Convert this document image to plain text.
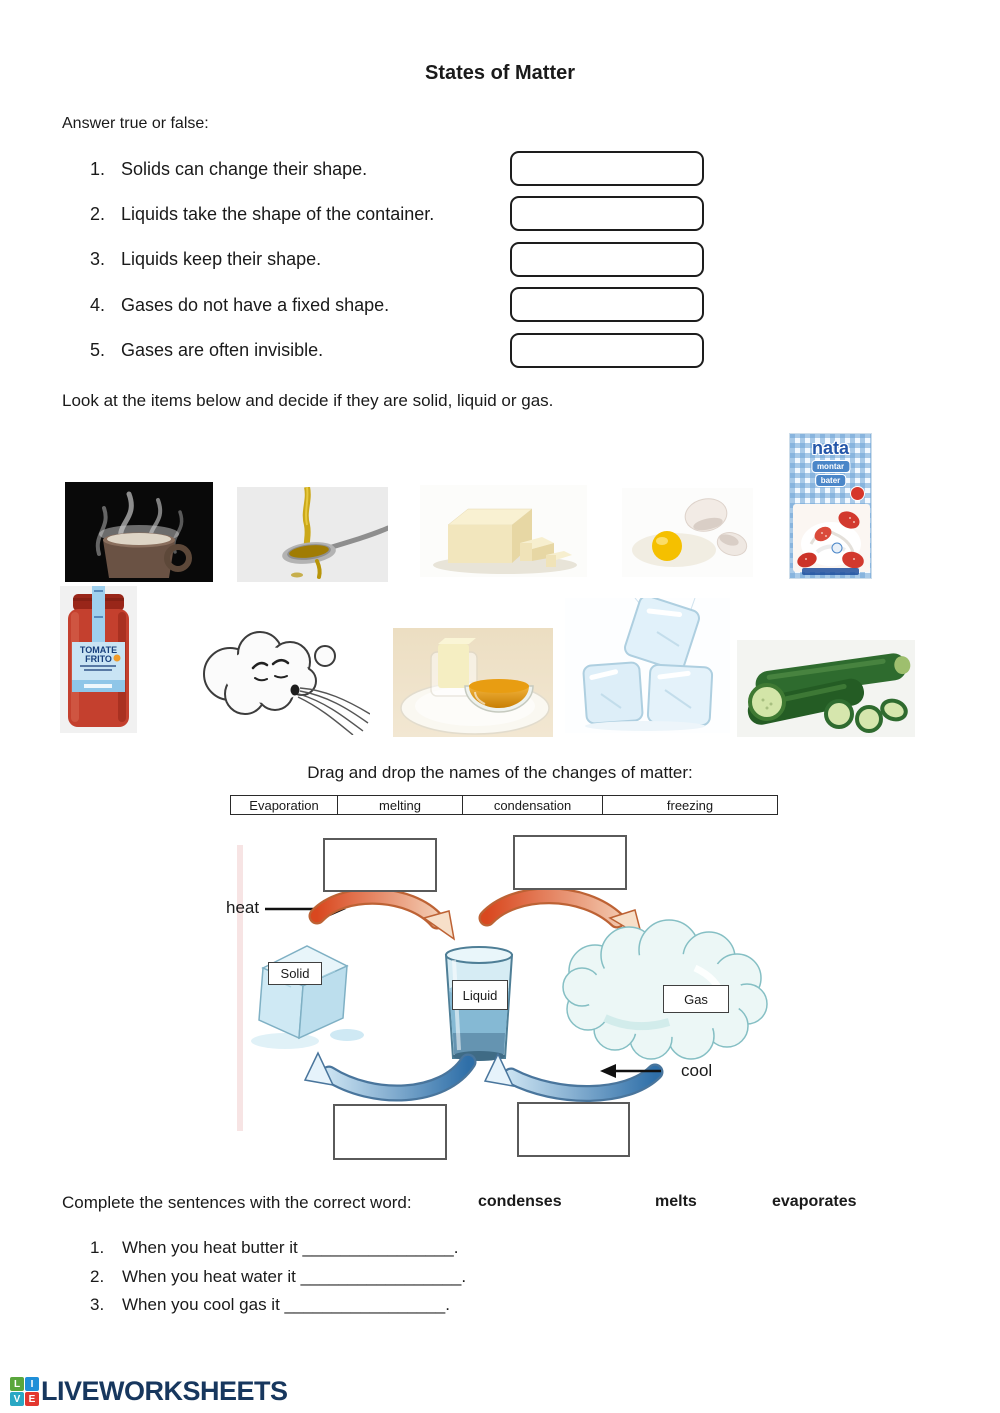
States of Matter
Answer true or false:
1. Solids can change their shape.
2. Liquids take the shape of the container.
3. Liquids keep their shape.
4. Gases do not have a fixed shape.
5. Gases are often invisible.
Look at the items below and decide if they are solid, liquid or gas.
nata
montar
bater
TOMATE
FRITO
Drag and drop the names of the changes of matter:
Evaporation	melting	condensation	freezing
Solid
Liquid	Gas
heat
cool
Complete the sentences with the correct word:	condenses	melts	evaporates
1. When you heat butter it ________________.
2. When you heat water it _________________.
3. When you cool gas it _________________.
L	I
V E LIVEWORKSHEETS
